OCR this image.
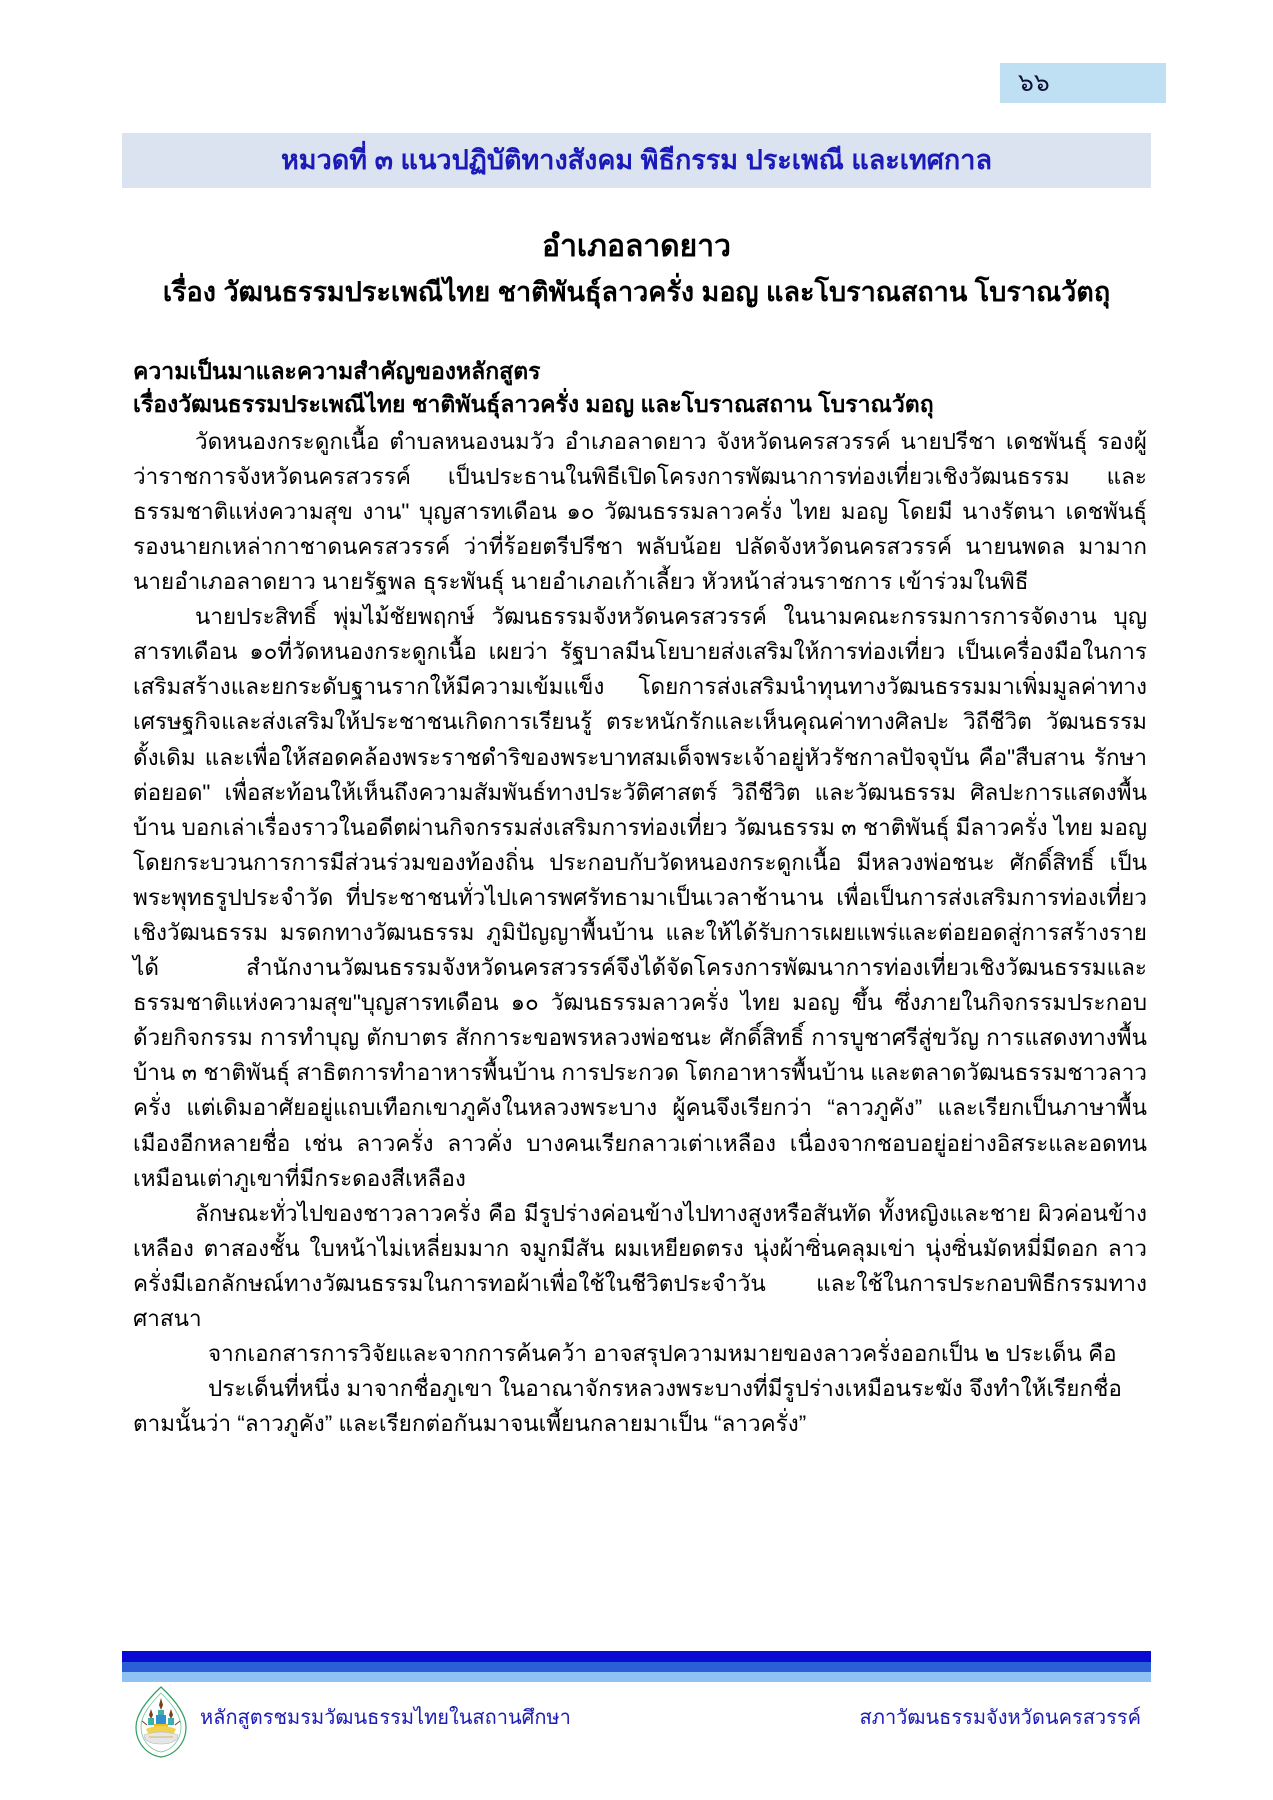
๖๖
หมวดที่ ๓ แนวปฏิบัติทางสังคม พิธีกรรม ประเพณี และเทศกาล
อำเภอลาดยาว
เรื่อง วัฒนธรรมประเพณีไทย ชาติพันธุ์ลาวครั่ง มอญ และโบราณสถาน โบราณวัตถุ

ความเป็นมาและความสำคัญของหลักสูตร

เรื่องวัฒนธรรมประเพณีไทย ชาติพันธุ์ลาวครั่ง มอญ และโบราณสถาน โบราณวัตถุ

วัดหนองกระดูกเนื้อ ตำบลหนองนมวัว อำเภอลาดยาว จังหวัดนครสวรรค์ นายปรีชา เดชพันธุ์ รองผู้ว่าราชการจังหวัดนครสวรรค์ เป็นประธานในพิธีเปิดโครงการพัฒนาการท่องเที่ยวเชิงวัฒนธรรม และธรรมชาติแห่งความสุข งาน" บุญสารทเดือน ๑๐ วัฒนธรรมลาวครั่ง ไทย มอญ โดยมี นางรัตนา เดชพันธุ์ รองนายกเหล่ากาชาดนครสวรรค์ ว่าที่ร้อยตรีปรีชา พลับน้อย ปลัดจังหวัดนครสวรรค์ นายนพดล มามาก นายอำเภอลาดยาว นายรัฐพล ธุระพันธุ์ นายอำเภอเก้าเลี้ยว หัวหน้าส่วนราชการ เข้าร่วมในพิธี

นายประสิทธิ์ พุ่มไม้ชัยพฤกษ์ วัฒนธรรมจังหวัดนครสวรรค์ ในนามคณะกรรมการการจัดงาน บุญสารทเดือน ๑๐ที่วัดหนองกระดูกเนื้อ เผยว่า รัฐบาลมีนโยบายส่งเสริมให้การท่องเที่ยว เป็นเครื่องมือในการเสริมสร้างและยกระดับฐานรากให้มีความเข้มแข็ง โดยการส่งเสริมนำทุนทางวัฒนธรรมมาเพิ่มมูลค่าทางเศรษฐกิจและส่งเสริมให้ประชาชนเกิดการเรียนรู้ ตระหนักรักและเห็นคุณค่าทางศิลปะ วิถีชีวิต วัฒนธรรมดั้งเดิม และเพื่อให้สอดคล้องพระราชดำริของพระบาทสมเด็จพระเจ้าอยู่หัวรัชกาลปัจจุบัน คือ"สืบสาน รักษา ต่อยอด" เพื่อสะท้อนให้เห็นถึงความสัมพันธ์ทางประวัติศาสตร์ วิถีชีวิต และวัฒนธรรม ศิลปะการแสดงพื้นบ้าน บอกเล่าเรื่องราวในอดีตผ่านกิจกรรมส่งเสริมการท่องเที่ยว วัฒนธรรม ๓ ชาติพันธุ์ มีลาวครั่ง ไทย มอญ โดยกระบวนการการมีส่วนร่วมของท้องถิ่น ประกอบกับวัดหนองกระดูกเนื้อ มีหลวงพ่อชนะ ศักดิ์สิทธิ์ เป็นพระพุทธรูปประจำวัด ที่ประชาชนทั่วไปเคารพศรัทธามาเป็นเวลาช้านาน เพื่อเป็นการส่งเสริมการท่องเที่ยวเชิงวัฒนธรรม มรดกทางวัฒนธรรม ภูมิปัญญาพื้นบ้าน และให้ได้รับการเผยแพร่และต่อยอดสู่การสร้างรายได้ สำนักงานวัฒนธรรมจังหวัดนครสวรรค์จึงได้จัดโครงการพัฒนาการท่องเที่ยวเชิงวัฒนธรรมและธรรมชาติแห่งความสุข"บุญสารทเดือน ๑๐ วัฒนธรรมลาวครั่ง ไทย มอญ ขึ้น ซึ่งภายในกิจกรรมประกอบด้วยกิจกรรม การทำบุญ ตักบาตร สักการะขอพรหลวงพ่อชนะ ศักดิ์สิทธิ์ การบูชาศรีสู่ขวัญ การแสดงทางพื้นบ้าน ๓ ชาติพันธุ์ สาธิตการทำอาหารพื้นบ้าน การประกวด โตกอาหารพื้นบ้าน และตลาดวัฒนธรรมชาวลาวครั่ง แต่เดิมอาศัยอยู่แถบเทือกเขาภูคังในหลวงพระบาง ผู้คนจึงเรียกว่า “ลาวภูคัง” และเรียกเป็นภาษาพื้นเมืองอีกหลายชื่อ เช่น ลาวครั่ง ลาวคั่ง บางคนเรียกลาวเต่าเหลือง เนื่องจากชอบอยู่อย่างอิสระและอดทนเหมือนเต่าภูเขาที่มีกระดองสีเหลือง

ลักษณะทั่วไปของชาวลาวครั่ง คือ มีรูปร่างค่อนข้างไปทางสูงหรือสันทัด ทั้งหญิงและชาย ผิวค่อนข้างเหลือง ตาสองชั้น ใบหน้าไม่เหลี่ยมมาก จมูกมีสัน ผมเหยียดตรง นุ่งผ้าซิ่นคลุมเข่า นุ่งซิ่นมัดหมี่มีดอก ลาวครั่งมีเอกลักษณ์ทางวัฒนธรรมในการทอผ้าเพื่อใช้ในชีวิตประจำวัน และใช้ในการประกอบพิธีกรรมทางศาสนา

จากเอกสารการวิจัยและจากการค้นคว้า อาจสรุปความหมายของลาวครั่งออกเป็น ๒ ประเด็น คือ

ประเด็นที่หนึ่ง มาจากชื่อภูเขา ในอาณาจักรหลวงพระบางที่มีรูปร่างเหมือนระฆัง จึงทำให้เรียกชื่อตามนั้นว่า “ลาวภูคัง” และเรียกต่อกันมาจนเพี้ยนกลายมาเป็น “ลาวครั่ง”

หลักสูตรชมรมวัฒนธรรมไทยในสถานศึกษา	สภาวัฒนธรรมจังหวัดนครสวรรค์
